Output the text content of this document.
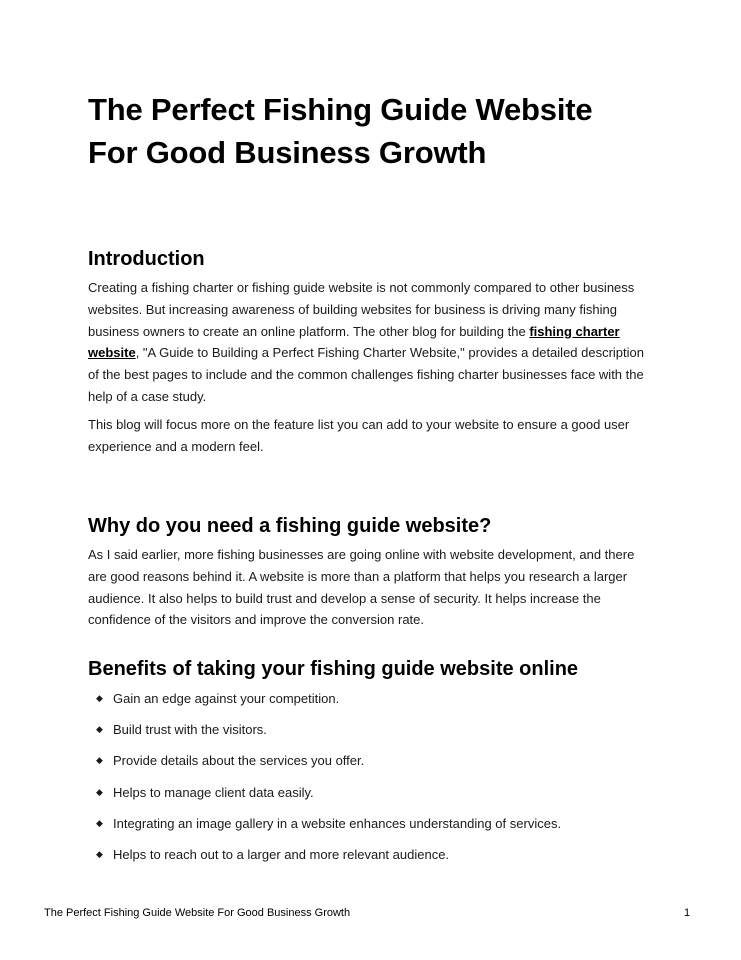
The Perfect Fishing Guide Website For Good Business Growth
Introduction

Creating a fishing charter or fishing guide website is not commonly compared to other business websites. But increasing awareness of building websites for business is driving many fishing business owners to create an online platform. The other blog for building the fishing charter website, "A Guide to Building a Perfect Fishing Charter Website," provides a detailed description of the best pages to include and the common challenges fishing charter businesses face with the help of a case study.

This blog will focus more on the feature list you can add to your website to ensure a good user experience and a modern feel.

Why do you need a fishing guide website?

As I said earlier, more fishing businesses are going online with website development, and there are good reasons behind it. A website is more than a platform that helps you research a larger audience. It also helps to build trust and develop a sense of security. It helps increase the confidence of the visitors and improve the conversion rate.

Benefits of taking your fishing guide website online
◆ Gain an edge against your competition.
◆ Build trust with the visitors.
◆ Provide details about the services you offer.
◆ Helps to manage client data easily.
◆ Integrating an image gallery in a website enhances understanding of services.
◆ Helps to reach out to a larger and more relevant audience.
The Perfect Fishing Guide Website For Good Business Growth	1
